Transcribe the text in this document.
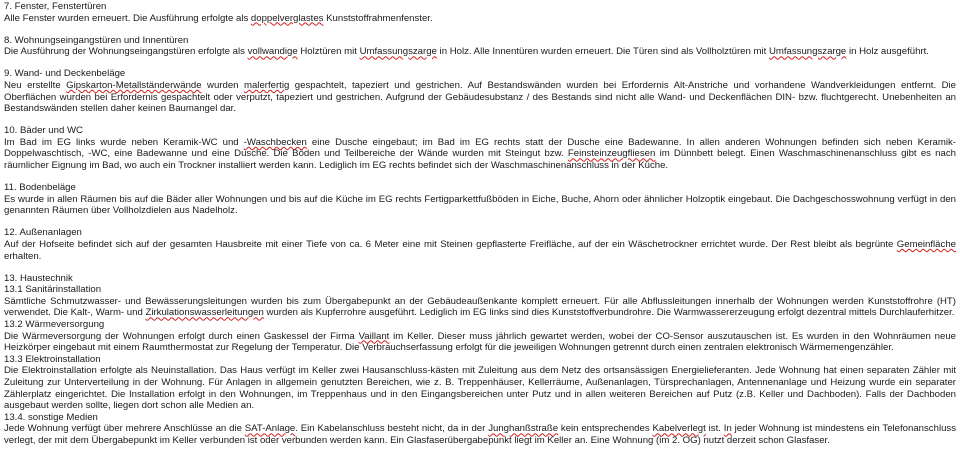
7. Fenster, Fenstertüren
Alle Fenster wurden erneuert. Die Ausführung erfolgte als doppelverglastes Kunststoffrahmenfenster.
8. Wohnungseingangstüren und Innentüren
Die Ausführung der Wohnungseingangstüren erfolgte als vollwandige Holztüren mit Umfassungszarge in Holz. Alle Innentüren wurden erneuert. Die Türen sind als Vollholztüren mit Umfassungszarge in Holz ausgeführt.
9. Wand- und Deckenbeläge
Neu erstellte Gipskarton-Metallständerwände wurden malerfertig gespachtelt, tapeziert und gestrichen. Auf Bestandswänden wurden bei Erfordernis Alt-Anstriche und vorhandene Wandverkleidungen entfernt. Die Oberflächen wurden bei Erfordernis gespachtelt oder verputzt, tapeziert und gestrichen. Aufgrund der Gebäudesubstanz / des Bestands sind nicht alle Wand- und Deckenflächen DIN- bzw. fluchtgerecht. Unebenheiten an Bestandswänden stellen daher keinen Baumangel dar.
10. Bäder und WC
Im Bad im EG links wurde neben Keramik-WC und -Waschbecken eine Dusche eingebaut; im Bad im EG rechts statt der Dusche eine Badewanne. In allen anderen Wohnungen befinden sich neben Keramik-Doppelwaschtisch, -WC, eine Badewanne und eine Dusche. Die Böden und Teilbereiche der Wände wurden mit Steingut bzw. Feinsteinzeugfliesen im Dünnbett belegt. Einen Waschmaschinenanschluss gibt es nach räumlicher Eignung im Bad, wo auch ein Trockner installiert werden kann. Lediglich im EG rechts befindet sich der Waschmaschinenanschluss in der Küche.
11. Bodenbeläge
Es wurde in allen Räumen bis auf die Bäder aller Wohnungen und bis auf die Küche im EG rechts Fertigparkettfußböden in Eiche, Buche, Ahorn oder ähnlicher Holzoptik eingebaut. Die Dachgeschosswohnung verfügt in den genannten Räumen über Vollholzdielen aus Nadelholz.
12. Außenanlagen
Auf der Hofseite befindet sich auf der gesamten Hausbreite mit einer Tiefe von ca. 6 Meter eine mit Steinen gepflasterte Freifläche, auf der ein Wäschetrockner errichtet wurde. Der Rest bleibt als begrünte Gemeinfläche erhalten.
13. Haustechnik
13.1 Sanitärinstallation
Sämtliche Schmutzwasser- und Bewässerungsleitungen wurden bis zum Übergabepunkt an der Gebäudeaußenkante komplett erneuert. Für alle Abflussleitungen innerhalb der Wohnungen werden Kunststoffrohre (HT) verwendet. Die Kalt-, Warm- und Zirkulationswasserleitungen wurden als Kupferrohre ausgeführt. Lediglich im EG links sind dies Kunststoffverbundrohre. Die Warmwassererzeugung erfolgt dezentral mittels Durchlauferhitzer.
13.2 Wärmeversorgung
Die Wärmeversorgung der Wohnungen erfolgt durch einen Gaskessel der Firma Vaillant im Keller. Dieser muss jährlich gewartet werden, wobei der CO-Sensor auszutauschen ist. Es wurden in den Wohnräumen neue Heizkörper eingebaut mit einem Raumthermostat zur Regelung der Temperatur. Die Verbrauchserfassung erfolgt für die jeweiligen Wohnungen getrennt durch einen zentralen elektronisch Wärmemengenzähler.
13.3 Elektroinstallation
Die Elektroinstallation erfolgte als Neuinstallation. Das Haus verfügt im Keller zwei Hausanschluss-kästen mit Zuleitung aus dem Netz des ortsansässigen Energielieferanten. Jede Wohnung hat einen separaten Zähler mit Zuleitung zur Unterverteilung in der Wohnung. Für Anlagen in allgemein genutzten Bereichen, wie z. B. Treppenhäuser, Kellerräume, Außenanlagen, Türsprechanlagen, Antennenanlage und Heizung wurde ein separater Zählerplatz eingerichtet. Die Installation erfolgt in den Wohnungen, im Treppenhaus und in den Eingangsbereichen unter Putz und in allen weiteren Bereichen auf Putz (z.B. Keller und Dachboden). Falls der Dachboden ausgebaut werden sollte, liegen dort schon alle Medien an.
13.4. sonstige Medien
Jede Wohnung verfügt über mehrere Anschlüsse an die SAT-Anlage. Ein Kabelanschluss besteht nicht, da in der Junghanßstraße kein entsprechendes Kabelverlegt ist. In jeder Wohnung ist mindestens ein Telefonanschluss verlegt, der mit dem Übergabepunkt im Keller verbunden ist oder verbunden werden kann. Ein Glasfaserübergabepunkt liegt im Keller an. Eine Wohnung (im 2. OG) nutzt derzeit schon Glasfaser.
